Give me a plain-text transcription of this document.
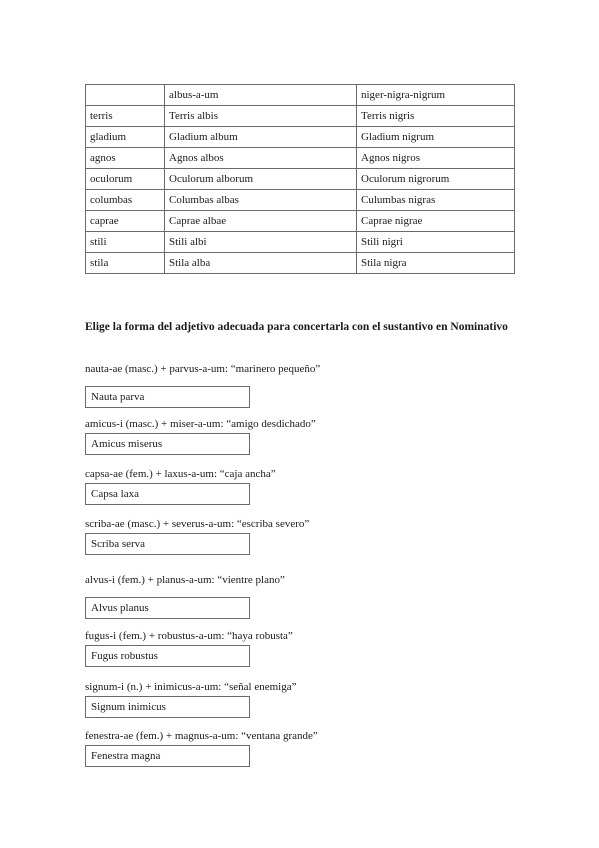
	albus-a-um	niger-nigra-nigrum
terris	Terris albis	Terris nigris
gladium	Gladium album	Gladium nigrum
agnos	Agnos albos	Agnos nigros
oculorum	Oculorum alborum	Oculorum nigrorum
columbas	Columbas albas	Culumbas nigras
caprae	Caprae albae	Caprae nigrae
stili	Stili albi	Stili nigri
stila	Stila alba	Stila nigra
Elige la forma del adjetivo adecuada para concertarla con el sustantivo en Nominativo
nauta-ae (masc.) + parvus-a-um: “marinero pequeño”
Nauta parva
amicus-i (masc.) + miser-a-um: “amigo desdichado”
Amicus miserus
capsa-ae (fem.) + laxus-a-um: “caja ancha”
Capsa laxa
scriba-ae (masc.) + severus-a-um: “escriba severo”
Scriba serva
alvus-i (fem.) + planus-a-um: “vientre plano”
Alvus planus
fugus-i (fem.) + robustus-a-um: “haya robusta”
Fugus robustus
signum-i (n.) + inimicus-a-um: “señal enemiga”
Signum inimicus
fenestra-ae (fem.) + magnus-a-um: “ventana grande”
Fenestra magna
